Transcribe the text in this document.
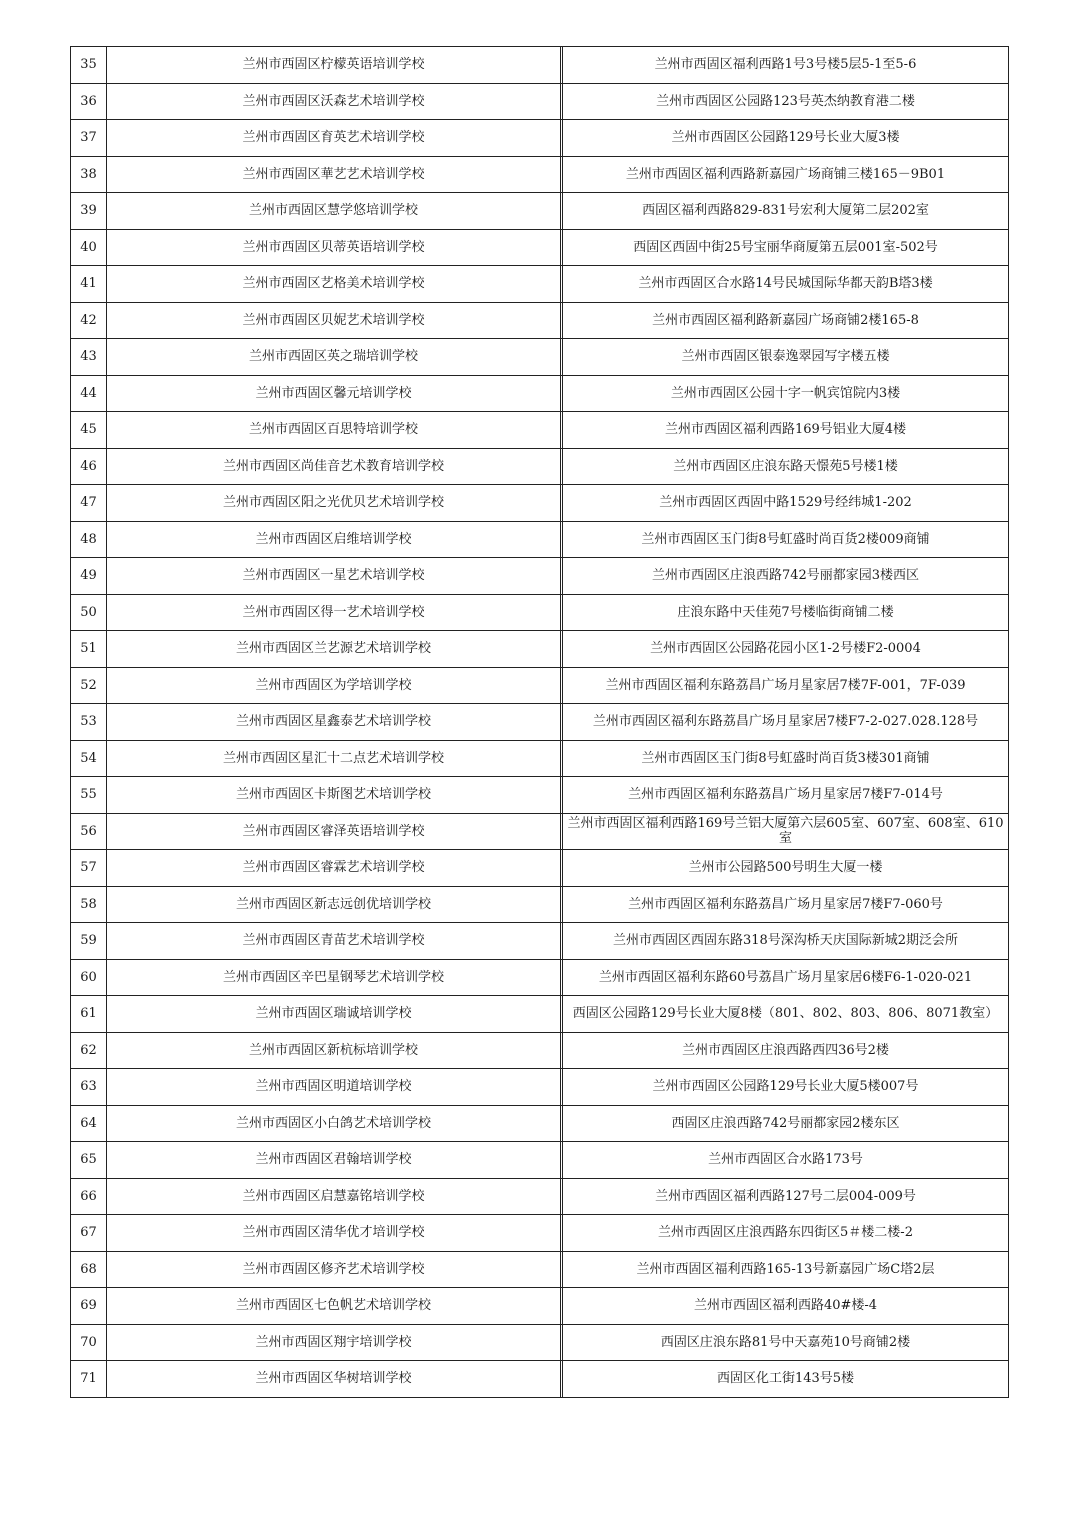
35	兰州市西固区柠檬英语培训学校		兰州市西固区福利西路1号3号楼5层5-1至5-6
36	兰州市西固区沃森艺术培训学校		兰州市西固区公园路123号英杰纳教育港二楼
37	兰州市西固区育英艺术培训学校		兰州市西固区公园路129号长业大厦3楼
38	兰州市西固区華艺艺术培训学校		兰州市西固区福利西路新嘉园广场商铺三楼165－9B01
39	兰州市西固区慧学悠培训学校		西固区福利西路829-831号宏利大厦第二层202室
40	兰州市西固区贝蒂英语培训学校		西固区西固中街25号宝丽华商厦第五层001室-502号
41	兰州市西固区艺格美术培训学校		兰州市西固区合水路14号民城国际华都天韵B塔3楼
42	兰州市西固区贝妮艺术培训学校		兰州市西固区福利路新嘉园广场商铺2楼165-8
43	兰州市西固区英之瑞培训学校		兰州市西固区银泰逸翠园写字楼五楼
44	兰州市西固区馨元培训学校		兰州市西固区公园十字一帆宾馆院内3楼
45	兰州市西固区百思特培训学校		兰州市西固区福利西路169号铝业大厦4楼
46	兰州市西固区尚佳音艺术教育培训学校		兰州市西固区庄浪东路天憬苑5号楼1楼
47	兰州市西固区阳之光优贝艺术培训学校		兰州市西固区西固中路1529号经纬城1-202
48	兰州市西固区启维培训学校		兰州市西固区玉门街8号虹盛时尚百货2楼009商铺
49	兰州市西固区一星艺术培训学校		兰州市西固区庄浪西路742号丽都家园3楼西区
50	兰州市西固区得一艺术培训学校		庄浪东路中天佳苑7号楼临街商铺二楼
51	兰州市西固区兰艺源艺术培训学校		兰州市西固区公园路花园小区1-2号楼F2-0004
52	兰州市西固区为学培训学校		兰州市西固区福利东路荔昌广场月星家居7楼7F-001，7F-039
53	兰州市西固区星鑫泰艺术培训学校		兰州市西固区福利东路荔昌广场月星家居7楼F7-2-027.028.128号
54	兰州市西固区星汇十二点艺术培训学校		兰州市西固区玉门街8号虹盛时尚百货3楼301商铺
55	兰州市西固区卡斯图艺术培训学校		兰州市西固区福利东路荔昌广场月星家居7楼F7-014号
56	兰州市西固区睿泽英语培训学校		兰州市西固区福利西路169号兰铝大厦第六层605室、607室、608室、610室
57	兰州市西固区睿霖艺术培训学校		兰州市公园路500号明生大厦一楼
58	兰州市西固区新志远创优培训学校		兰州市西固区福利东路荔昌广场月星家居7楼F7-060号
59	兰州市西固区青苗艺术培训学校		兰州市西固区西固东路318号深沟桥天庆国际新城2期泛会所
60	兰州市西固区辛巴星钢琴艺术培训学校		兰州市西固区福利东路60号荔昌广场月星家居6楼F6-1-020-021
61	兰州市西固区瑞诚培训学校		西固区公园路129号长业大厦8楼（801、802、803、806、8071教室）
62	兰州市西固区新杭标培训学校		兰州市西固区庄浪西路西四36号2楼
63	兰州市西固区明道培训学校		兰州市西固区公园路129号长业大厦5楼007号
64	兰州市西固区小白鸽艺术培训学校		西固区庄浪西路742号丽都家园2楼东区
65	兰州市西固区君翰培训学校		兰州市西固区合水路173号
66	兰州市西固区启慧嘉铭培训学校		兰州市西固区福利西路127号二层004-009号
67	兰州市西固区清华优才培训学校		兰州市西固区庄浪西路东四街区5＃楼二楼-2
68	兰州市西固区修齐艺术培训学校		兰州市西固区福利西路165-13号新嘉园广场C塔2层
69	兰州市西固区七色帆艺术培训学校		兰州市西固区福利西路40#楼-4
70	兰州市西固区翔宇培训学校		西固区庄浪东路81号中天嘉苑10号商铺2楼
71	兰州市西固区华树培训学校		西固区化工街143号5楼
